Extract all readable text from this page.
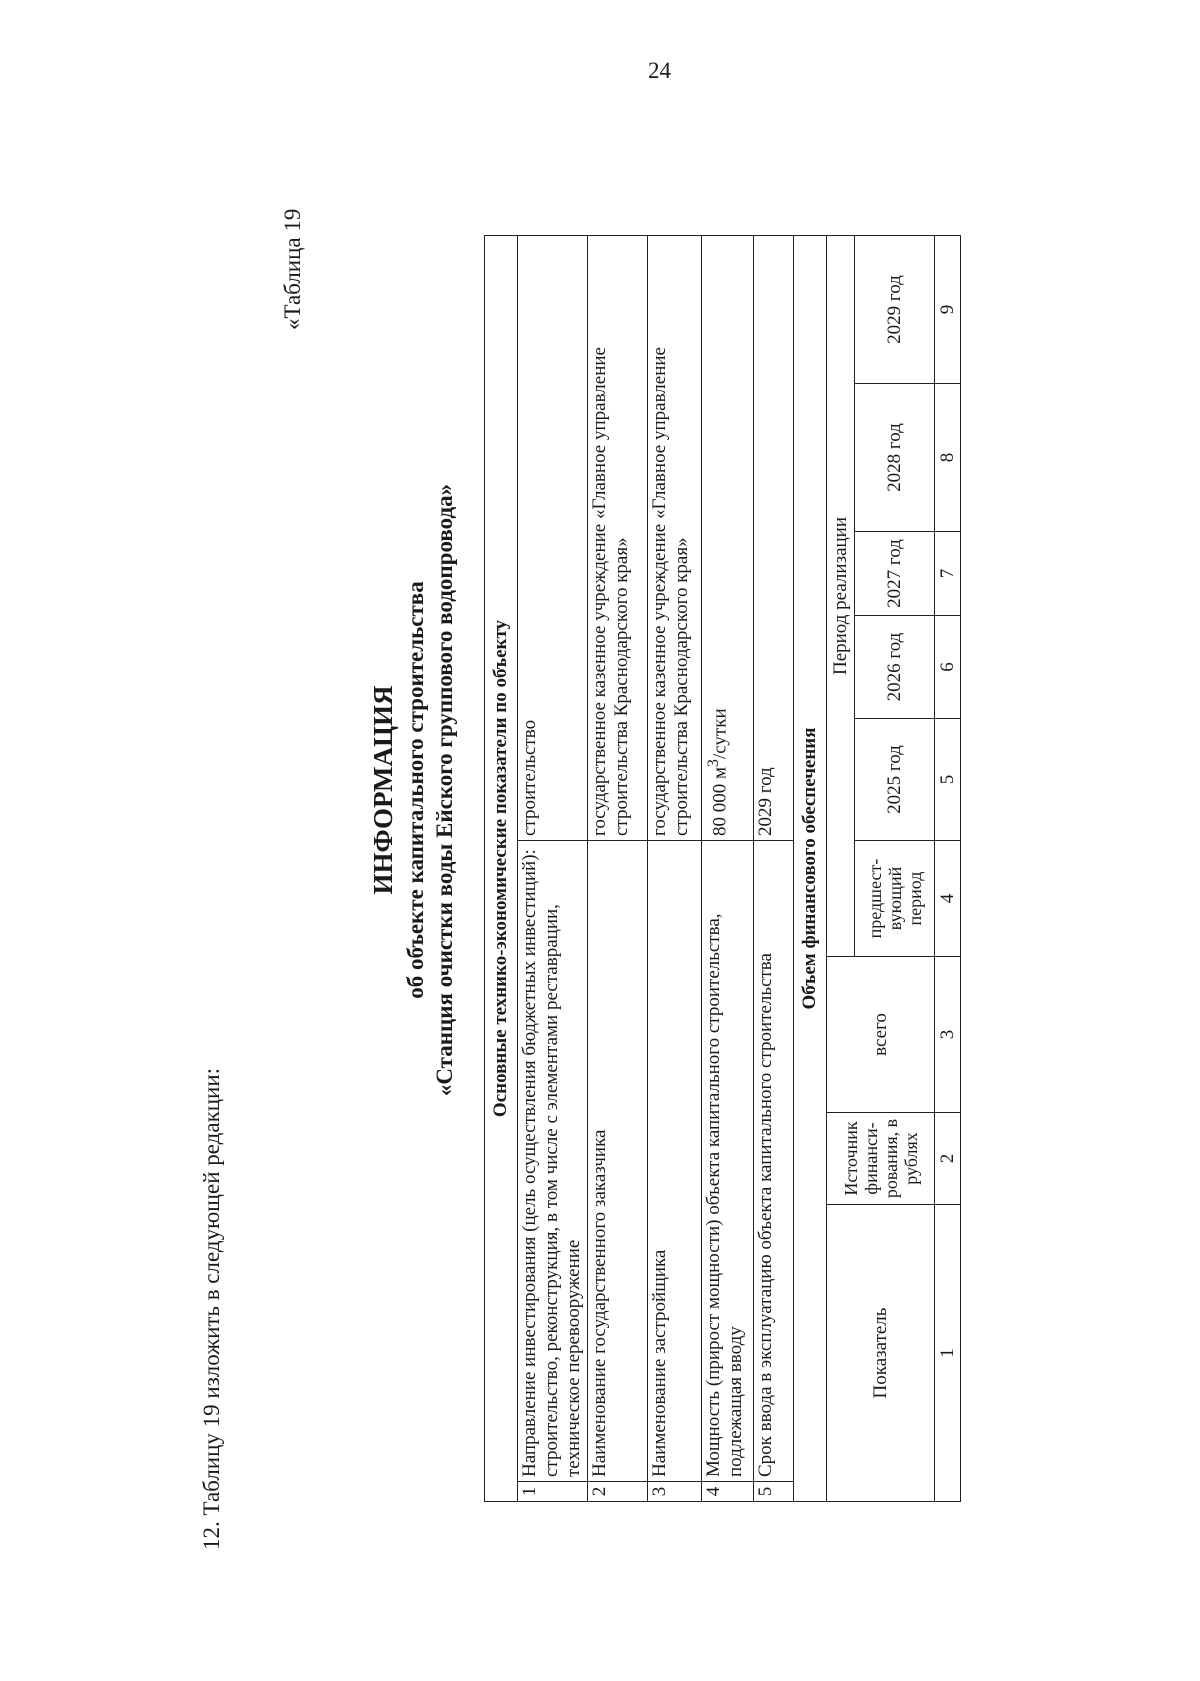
24
12. Таблицу 19 изложить в следующей редакции:
«Таблица 19
ИНФОРМАЦИЯ об объекте капитального строительства «Станция очистки воды Ейского группового водопровода» Основные технико-экономические показатели по объекту									
1	Направление инвестирования (цель осуществления бюджетных инвестиций): строительство, реконструкция, в том числе с элементами реставрации, техническое перевооружение				строительство				
2	Наименование государственного заказчика				государственное казенное учреждение «Главное управление строительства Краснодарского края»				
3	Наименование застройщика				государственное казенное учреждение «Главное управление строительства Краснодарского края»				
4	Мощность (прирост мощности) объекта капитального строительства, подлежащая вводу				80 000 $м^3$/сутки				
5	Срок ввода в эксплуатацию объекта капитального строительства				2029 год				
Объем финансового обеспечения									
Показатель		Источник финанси-рования, в рублях	всего	Период реализации					
				предшест-вующий период	2025 год	2026 год	2027 год	2028 год	2029 год
1		2	3	4	5	6	7	8	9
